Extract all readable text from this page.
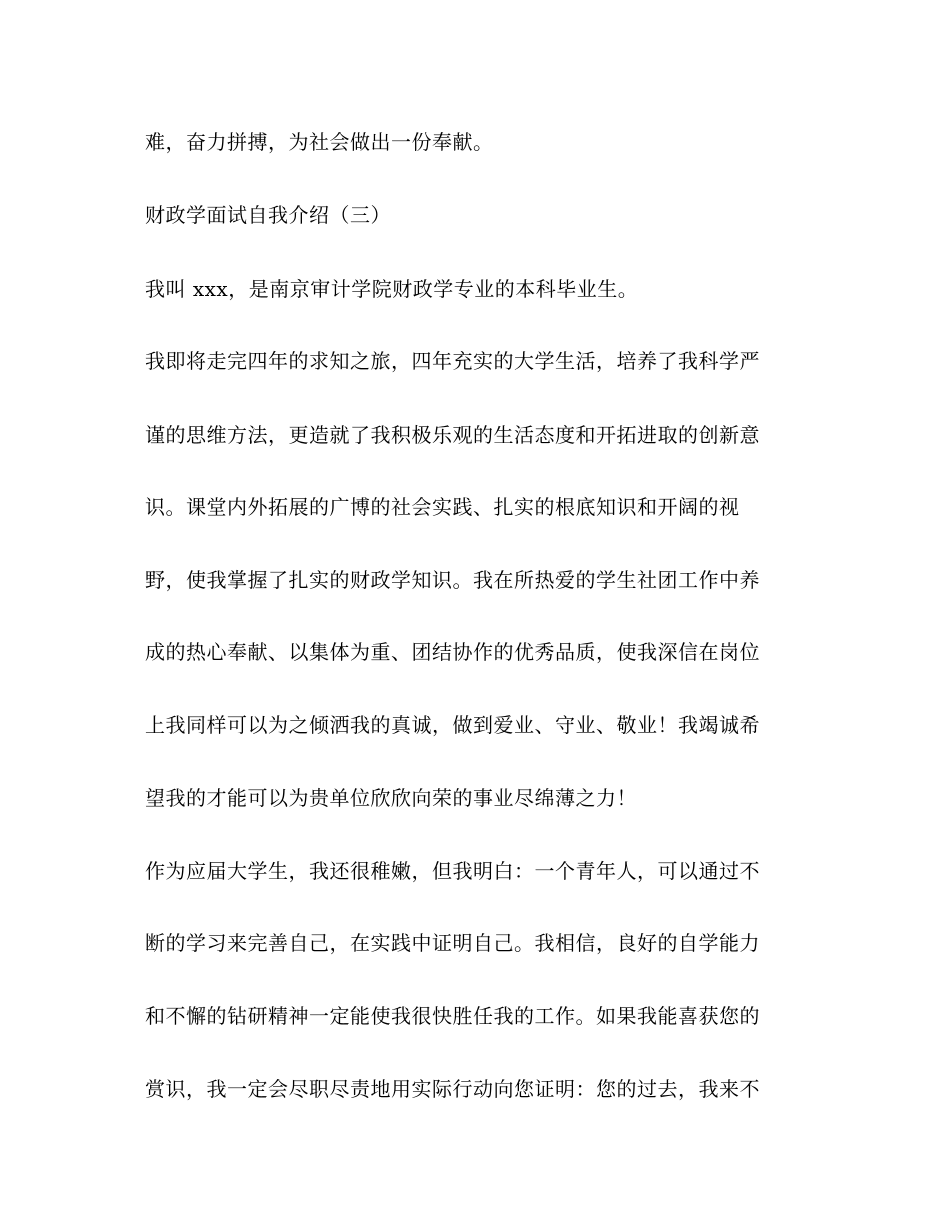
难，奋力拼搏，为社会做出一份奉献。
财政学面试自我介绍（三）
我叫 xxx，是南京审计学院财政学专业的本科毕业生。
我即将走完四年的求知之旅，四年充实的大学生活，培养了我科学严
谨的思维方法，更造就了我积极乐观的生活态度和开拓进取的创新意
识。课堂内外拓展的广博的社会实践、扎实的根底知识和开阔的视
野，使我掌握了扎实的财政学知识。我在所热爱的学生社团工作中养
成的热心奉献、以集体为重、团结协作的优秀品质，使我深信在岗位
上我同样可以为之倾洒我的真诚，做到爱业、守业、敬业！我竭诚希
望我的才能可以为贵单位欣欣向荣的事业尽绵薄之力！
作为应届大学生，我还很稚嫩，但我明白：一个青年人，可以通过不
断的学习来完善自己，在实践中证明自己。我相信，良好的自学能力
和不懈的钻研精神一定能使我很快胜任我的工作。如果我能喜获您的
赏识，我一定会尽职尽责地用实际行动向您证明：您的过去，我来不
